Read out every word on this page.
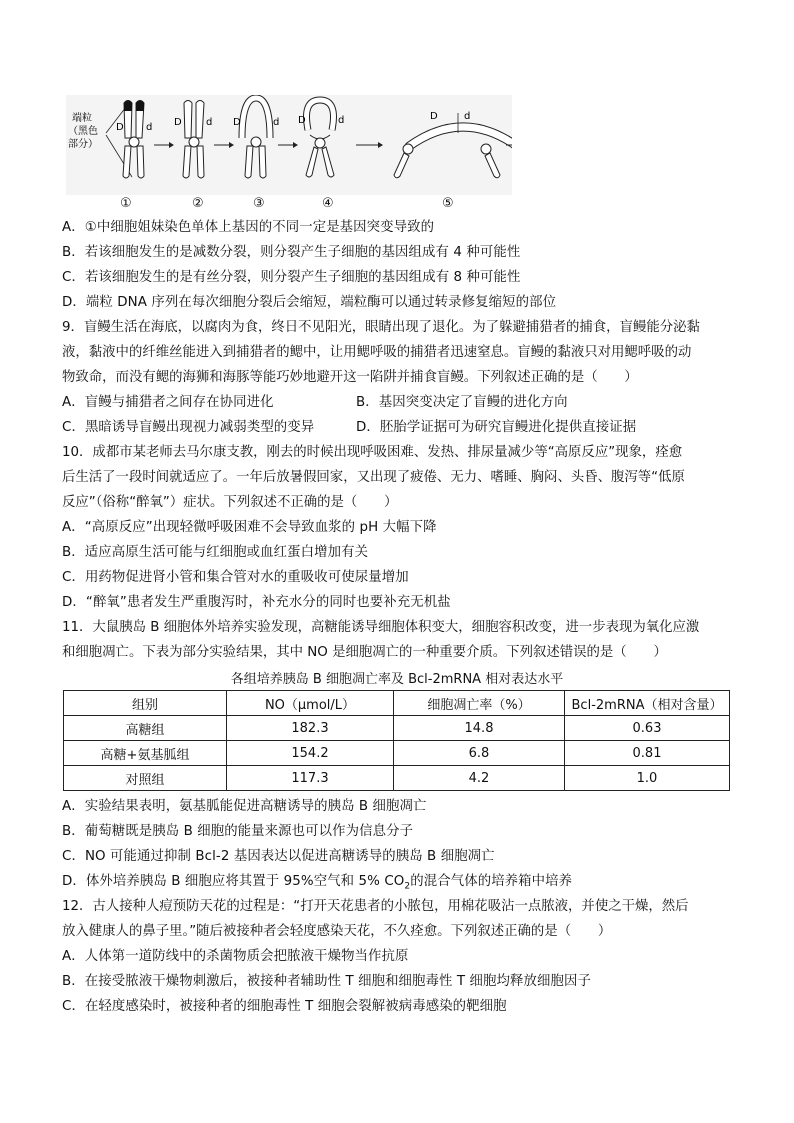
端粒
（黑色
部分）
D d D d D	d D	d	D	d
①	②	③	④	⑤
A．①中细胞姐妹染色单体上基因的不同一定是基因突变导致的
B．若该细胞发生的是减数分裂，则分裂产生子细胞的基因组成有 4 种可能性
C．若该细胞发生的是有丝分裂，则分裂产生子细胞的基因组成有 8 种可能性
D．端粒 DNA 序列在每次细胞分裂后会缩短，端粒酶可以通过转录修复缩短的部位
9．盲鳗生活在海底，以腐肉为食，终日不见阳光，眼睛出现了退化。为了躲避捕猎者的捕食，盲鳗能分泌黏
液，黏液中的纤维丝能进入到捕猎者的鳃中，让用鳃呼吸的捕猎者迅速窒息。盲鳗的黏液只对用鳃呼吸的动
物致命，而没有鳃的海狮和海豚等能巧妙地避开这一陷阱并捕食盲鳗。下列叙述正确的是（　　）
A．盲鳗与捕猎者之间存在协同进化	B．基因突变决定了盲鳗的进化方向
C．黑暗诱导盲鳗出现视力减弱类型的变异	D．胚胎学证据可为研究盲鳗进化提供直接证据
10．成都市某老师去马尔康支教，刚去的时候出现呼吸困难、发热、排尿量减少等“高原反应”现象，痊愈
后生活了一段时间就适应了。一年后放暑假回家，又出现了疲倦、无力、嗜睡、胸闷、头昏、腹泻等“低原
反应”（俗称“醉氧”）症状。下列叙述不正确的是（　　）
A．“高原反应”出现轻微呼吸困难不会导致血浆的 pH 大幅下降
B．适应高原生活可能与红细胞或血红蛋白增加有关
C．用药物促进肾小管和集合管对水的重吸收可使尿量增加
D．“醉氧”患者发生严重腹泻时，补充水分的同时也要补充无机盐
11．大鼠胰岛 B 细胞体外培养实验发现，高糖能诱导细胞体积变大，细胞容积改变，进一步表现为氧化应激
和细胞凋亡。下表为部分实验结果，其中 NO 是细胞凋亡的一种重要介质。下列叙述错误的是（　　）
各组培养胰岛 B 细胞凋亡率及 Bcl-2mRNA 相对表达水平
组别	NO（μmol/L）	细胞凋亡率（%）	Bcl-2mRNA（相对含量）
高糖组	182.3	14.8	0.63
高糖+氨基胍组	154.2	6.8	0.81
对照组	117.3	4.2	1.0
A．实验结果表明，氨基胍能促进高糖诱导的胰岛 B 细胞凋亡
B．葡萄糖既是胰岛 B 细胞的能量来源也可以作为信息分子
C．NO 可能通过抑制 Bcl-2 基因表达以促进高糖诱导的胰岛 B 细胞凋亡
D．体外培养胰岛 B 细胞应将其置于 95%空气和 5% $CO_2$的混合气体的培养箱中培养
12．古人接种人痘预防天花的过程是：“打开天花患者的小脓包，用棉花吸沾一点脓液，并使之干燥，然后
放入健康人的鼻子里。”随后被接种者会轻度感染天花，不久痊愈。下列叙述正确的是（　　）
A．人体第一道防线中的杀菌物质会把脓液干燥物当作抗原
B．在接受脓液干燥物刺激后，被接种者辅助性 T 细胞和细胞毒性 T 细胞均释放细胞因子
C．在轻度感染时，被接种者的细胞毒性 T 细胞会裂解被病毒感染的靶细胞
